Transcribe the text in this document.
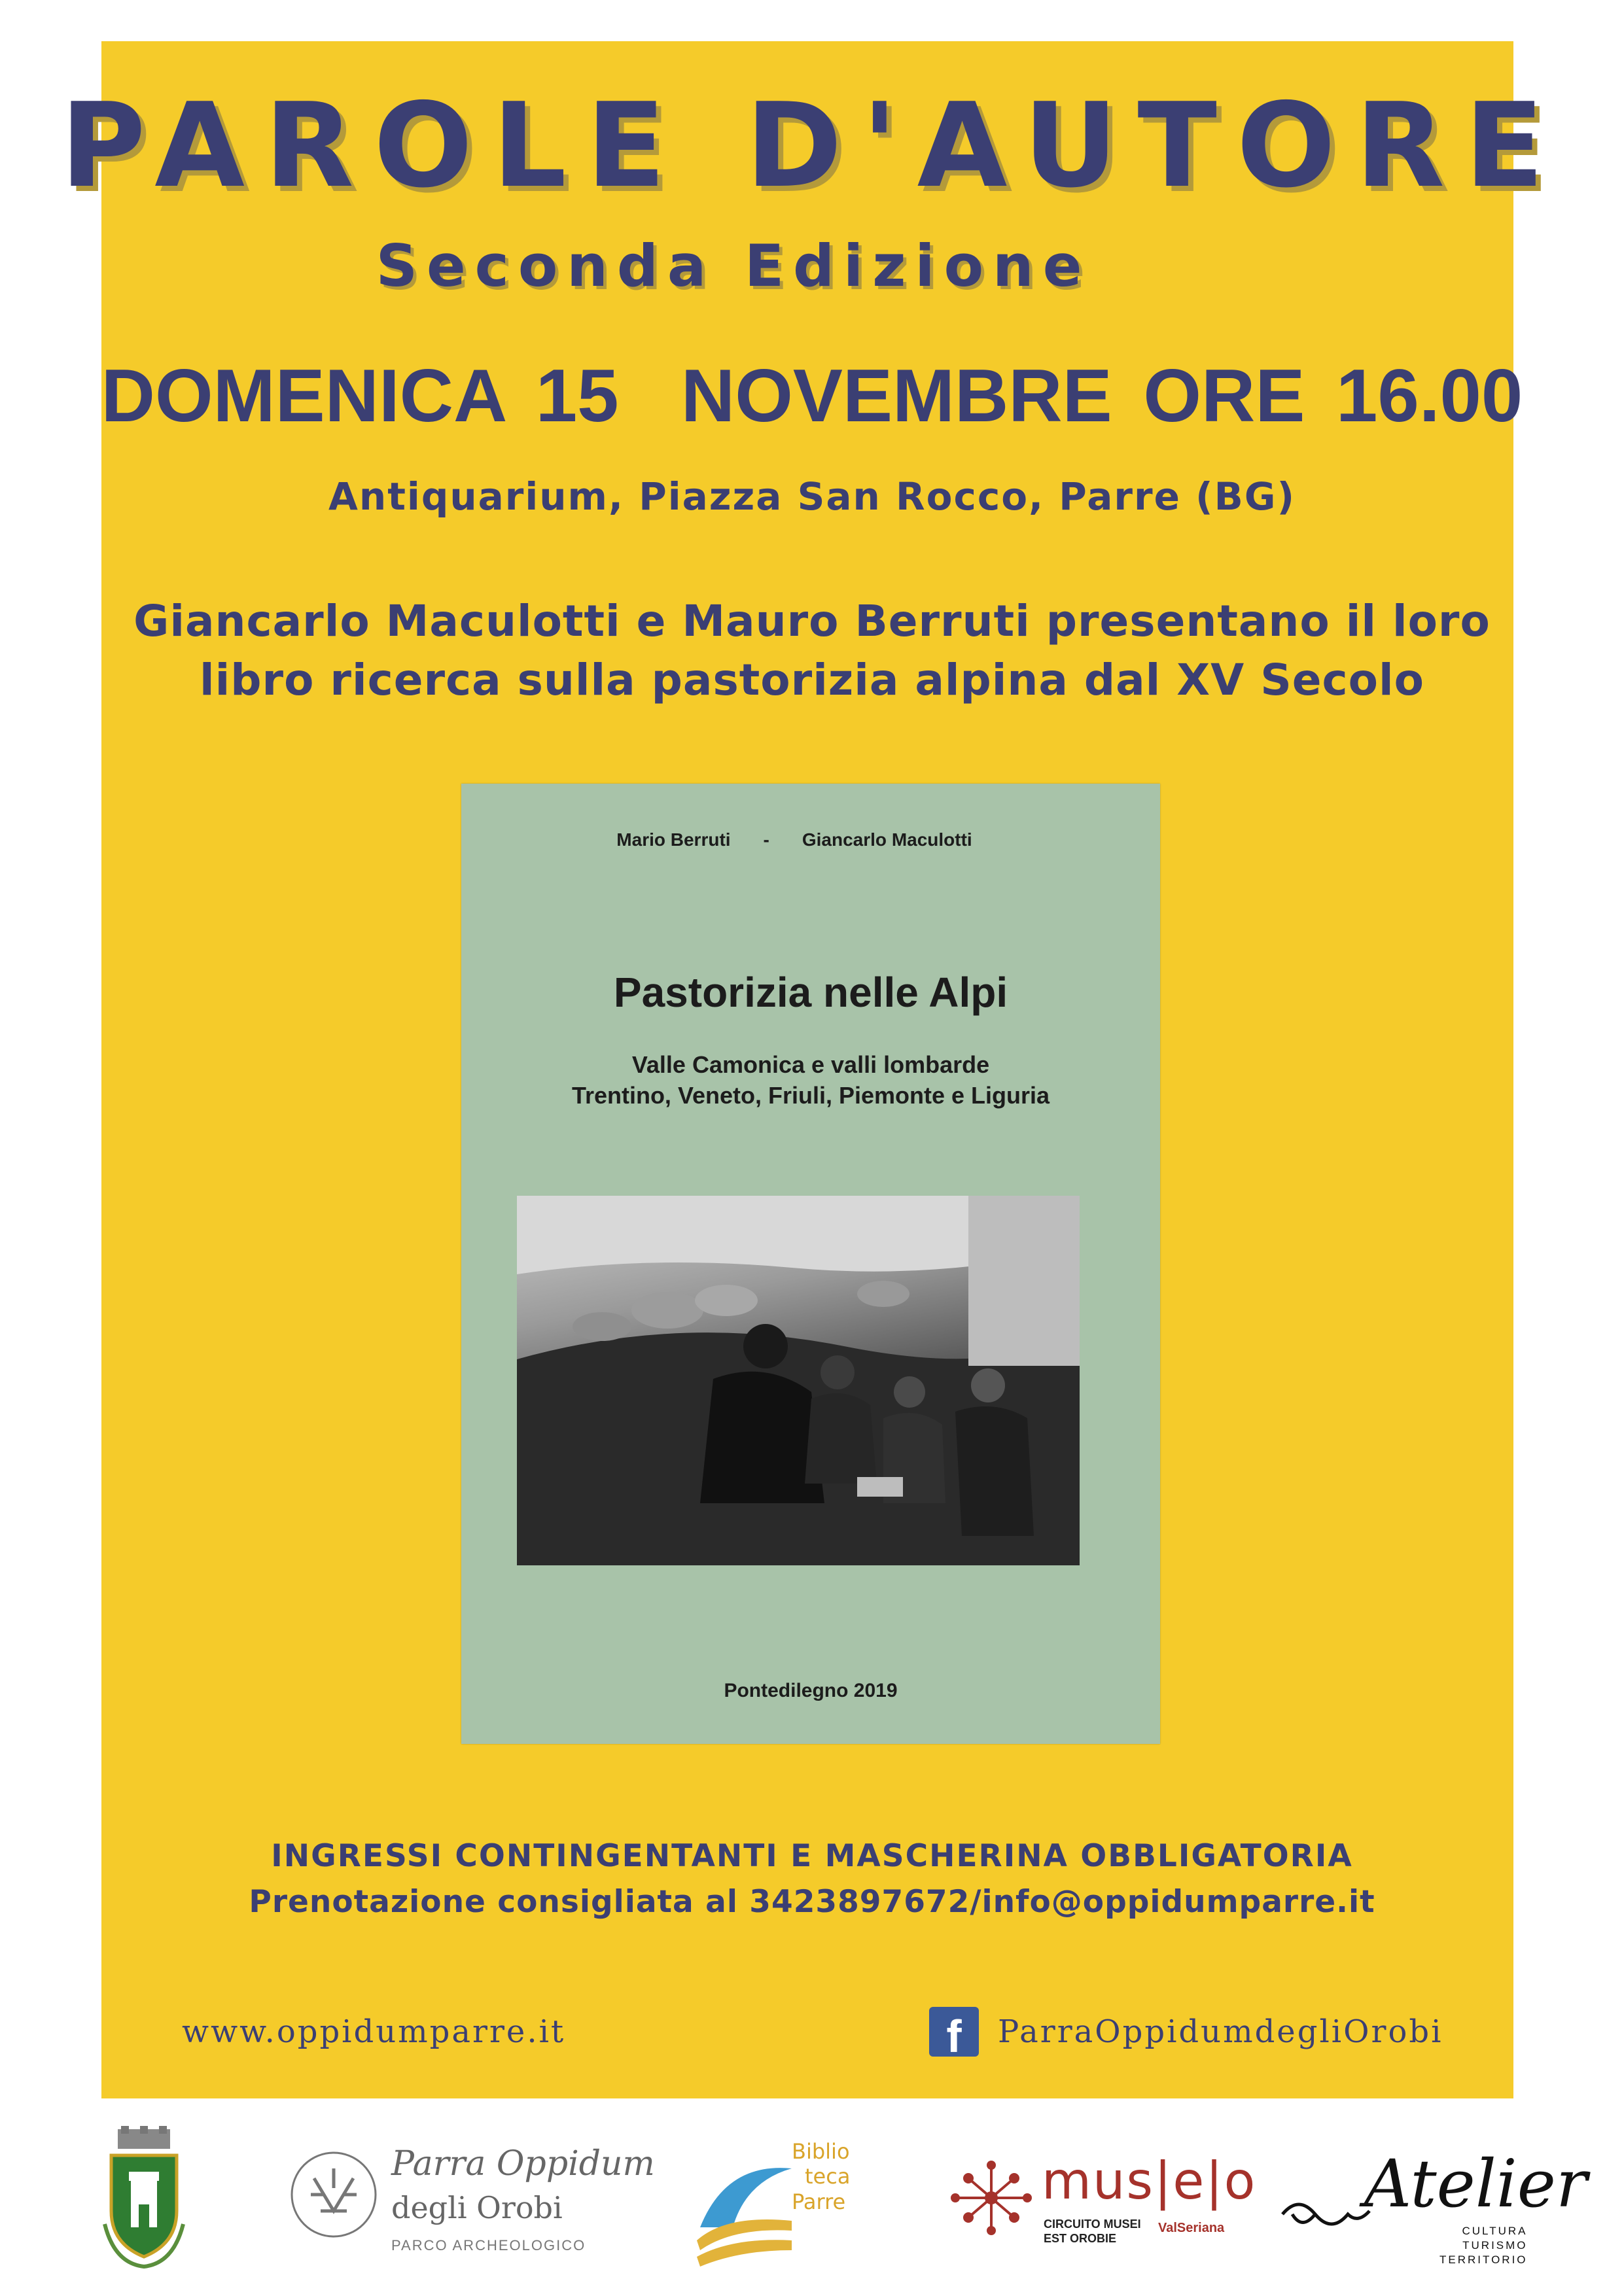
PAROLE D'AUTORE
Seconda Edizione
DOMENICA 15  NOVEMBRE ORE 16.00
Antiquarium, Piazza San Rocco, Parre (BG)
Giancarlo Maculotti e Mauro Berruti presentano il loro
libro ricerca sulla pastorizia alpina dal XV Secolo
Mario Berruti - Giancarlo Maculotti
Pastorizia nelle Alpi
Valle Camonica e valli lombarde
Trentino, Veneto, Friuli, Piemonte e Liguria
Pontedilegno 2019
INGRESSI CONTINGENTANTI E MASCHERINA OBBLIGATORIA
Prenotazione consigliata al 3423897672/info@oppidumparre.it
www.oppidumparre.it	f	ParraOppidumdegliOrobi
Parra Oppidum
degli Orobi
PARCO ARCHEOLOGICO
Biblio
teca
Parre	mus|e|o
CIRCUITO MUSEI
EST OROBIE
ValSeriana
Atelier
CULTURA
TURISMO
TERRITORIO
